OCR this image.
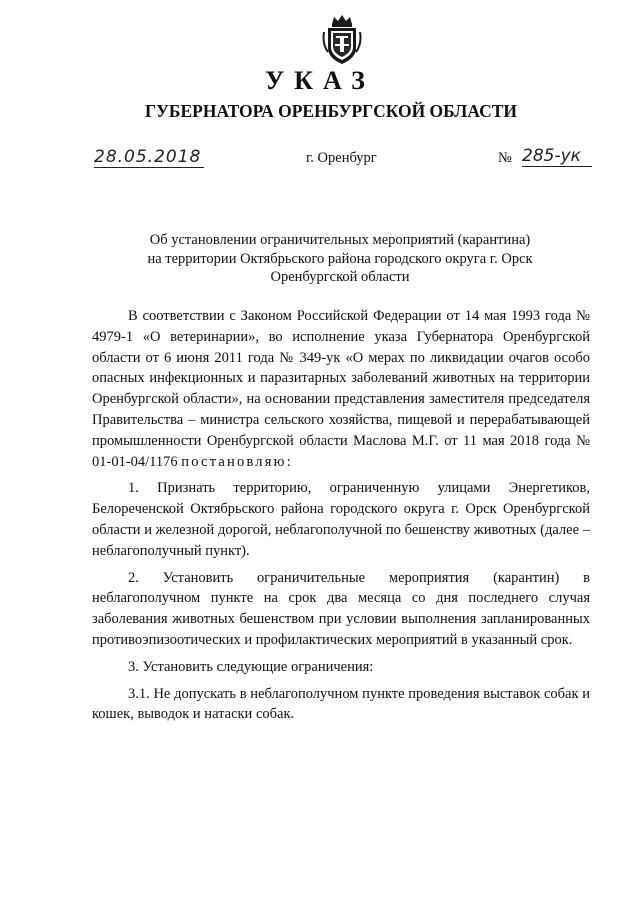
УКАЗ
ГУБЕРНАТОРА ОРЕНБУРГСКОЙ ОБЛАСТИ
28.05.2018	г. Оренбург	№ 285-ук
Об установлении ограничительных мероприятий (карантина)
на территории Октябрьского района городского округа г. Орск
Оренбургской области

В соответствии с Законом Российской Федерации от 14 мая 1993 года № 4979-1 «О ветеринарии», во исполнение указа Губернатора Оренбургской области от 6 июня 2011 года № 349-ук «О мерах по ликвидации очагов особо опасных инфекционных и паразитарных заболеваний животных на территории Оренбургской области», на основании представления заместителя председателя Правительства – министра сельского хозяйства, пищевой и перерабатывающей промышленности Оренбургской области Маслова М.Г. от 11 мая 2018 года № 01-01-04/1176 постановляю:

1. Признать территорию, ограниченную улицами Энергетиков, Белореченской Октябрьского района городского округа г. Орск Оренбургской области и железной дорогой, неблагополучной по бешенству животных (далее – неблагополучный пункт).

2. Установить ограничительные мероприятия (карантин) в неблагополучном пункте на срок два месяца со дня последнего случая заболевания животных бешенством при условии выполнения запланированных противоэпизоотических и профилактических мероприятий в указанный срок.

3. Установить следующие ограничения:

3.1. Не допускать в неблагополучном пункте проведения выставок собак и кошек, выводок и натаски собак.
